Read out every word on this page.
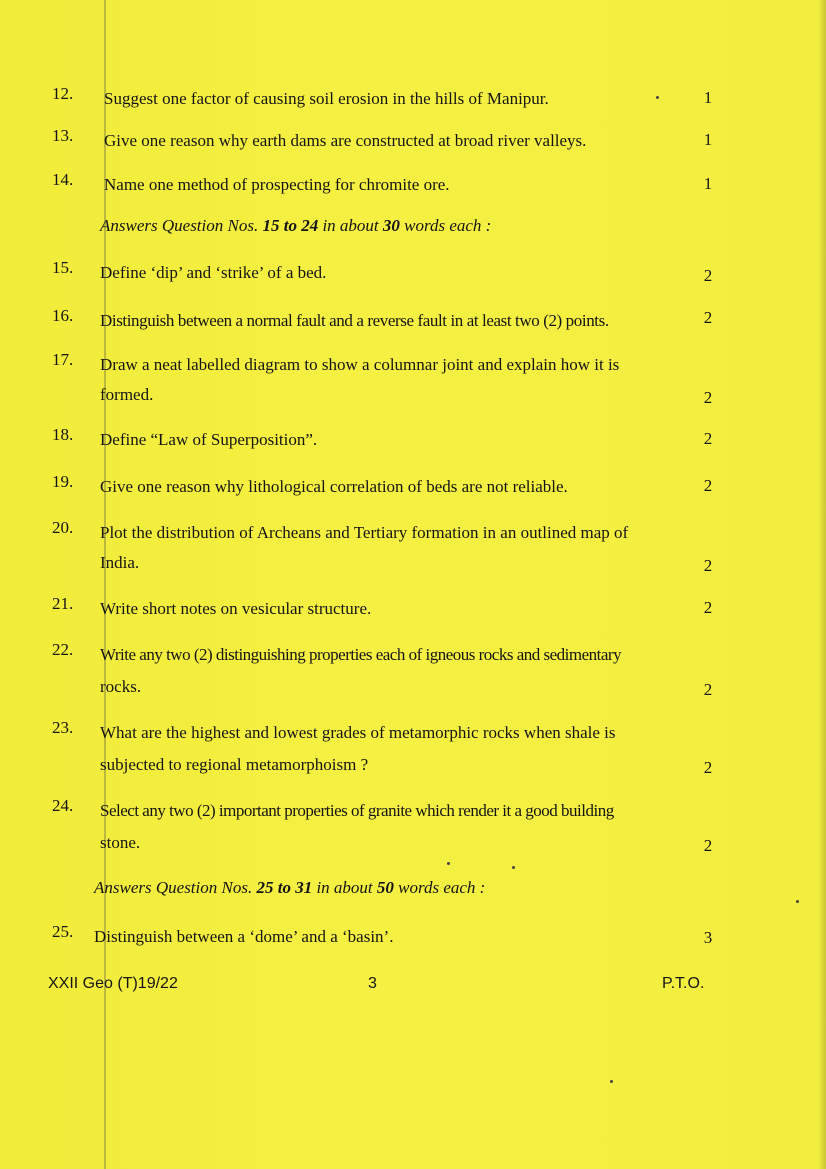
12.	Suggest one factor of causing soil erosion in the hills of Manipur.	1
13.	Give one reason why earth dams are constructed at broad river valleys.	1
14.	Name one method of prospecting for chromite ore.	1
Answers Question Nos. 15 to 24 in about 30 words each :
15.	Define ‘dip’ and ‘strike’ of a bed.	2
16.	Distinguish between a normal fault and a reverse fault in at least two (2) points.	2
17.	Draw a neat labelled diagram to show a columnar joint and explain how it is
formed.	2
18.	Define “Law of Superposition”.	2
19.	Give one reason why lithological correlation of beds are not reliable.	2
20.	Plot the distribution of Archeans and Tertiary formation in an outlined map of
India.	2
21.	Write short notes on vesicular structure.	2
22.	Write any two (2) distinguishing properties each of igneous rocks and sedimentary
rocks.	2
23.	What are the highest and lowest grades of metamorphic rocks when shale is
subjected to regional metamorphoism ?	2
24.	Select any two (2) important properties of granite which render it a good building
stone.	2
Answers Question Nos. 25 to 31 in about 50 words each :
25.	Distinguish between a ‘dome’ and a ‘basin’.	3
XXII Geo (T)19/22	3	P.T.O.
